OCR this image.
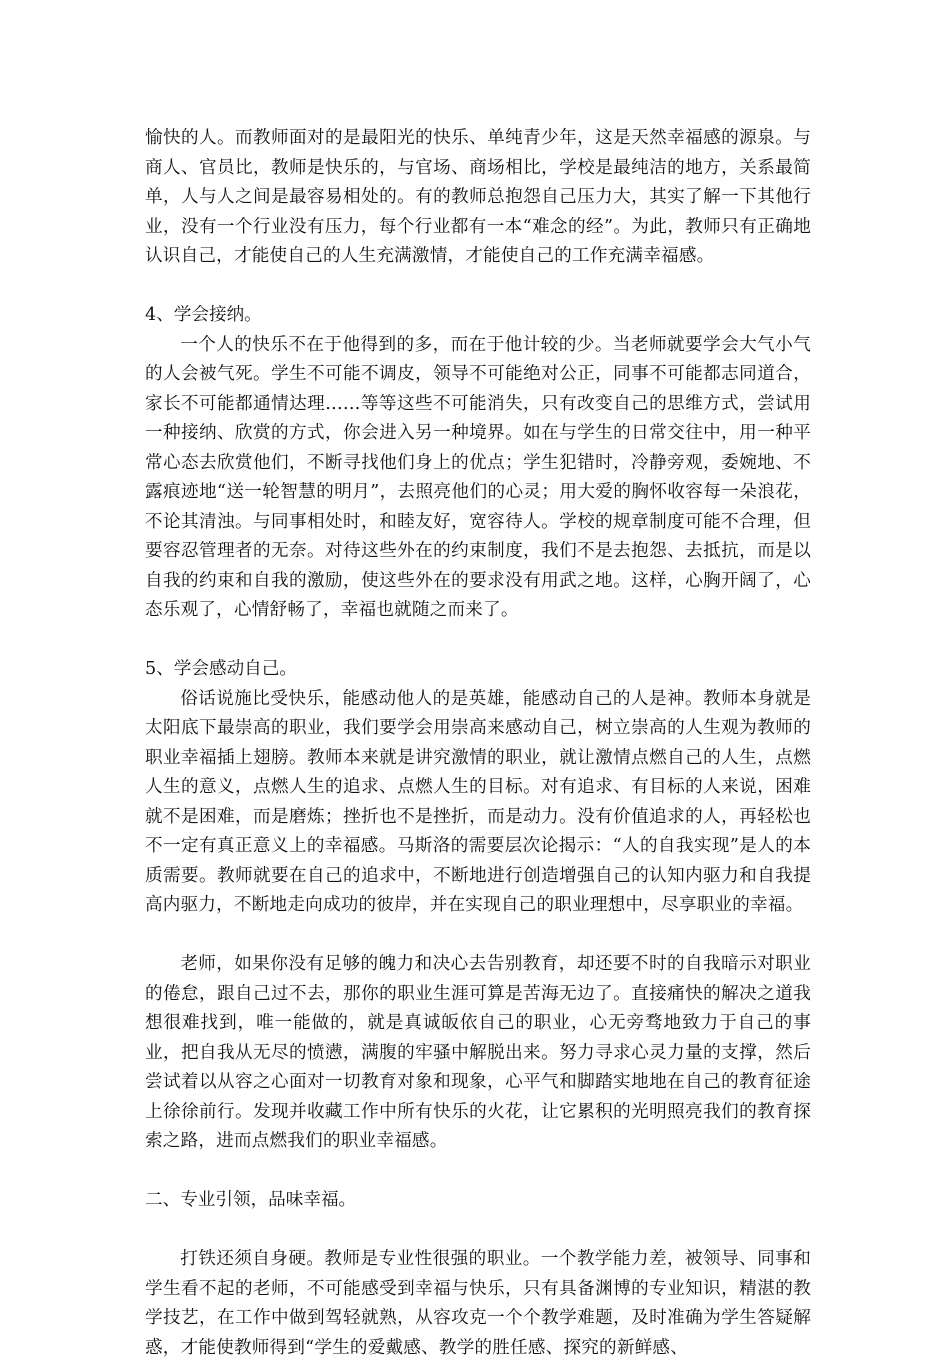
愉快的人。而教师面对的是最阳光的快乐、单纯青少年，这是天然幸福感的源泉。与商人、官员比，教师是快乐的，与官场、商场相比，学校是最纯洁的地方，关系最简单，人与人之间是最容易相处的。有的教师总抱怨自己压力大，其实了解一下其他行业，没有一个行业没有压力，每个行业都有一本“难念的经”。为此，教师只有正确地认识自己，才能使自己的人生充满激情，才能使自己的工作充满幸福感。

4、学会接纳。

一个人的快乐不在于他得到的多，而在于他计较的少。当老师就要学会大气小气的人会被气死。学生不可能不调皮，领导不可能绝对公正，同事不可能都志同道合，家长不可能都通情达理……等等这些不可能消失，只有改变自己的思维方式，尝试用一种接纳、欣赏的方式，你会进入另一种境界。如在与学生的日常交往中，用一种平常心态去欣赏他们，不断寻找他们身上的优点；学生犯错时，冷静旁观，委婉地、不露痕迹地“送一轮智慧的明月”，去照亮他们的心灵；用大爱的胸怀收容每一朵浪花，不论其清浊。与同事相处时，和睦友好，宽容待人。学校的规章制度可能不合理，但要容忍管理者的无奈。对待这些外在的约束制度，我们不是去抱怨、去抵抗，而是以自我的约束和自我的激励，使这些外在的要求没有用武之地。这样，心胸开阔了，心态乐观了，心情舒畅了，幸福也就随之而来了。

5、学会感动自己。

俗话说施比受快乐，能感动他人的是英雄，能感动自己的人是神。教师本身就是太阳底下最崇高的职业，我们要学会用崇高来感动自己，树立崇高的人生观为教师的职业幸福插上翅膀。教师本来就是讲究激情的职业，就让激情点燃自己的人生，点燃人生的意义，点燃人生的追求、点燃人生的目标。对有追求、有目标的人来说，困难就不是困难，而是磨炼；挫折也不是挫折，而是动力。没有价值追求的人，再轻松也不一定有真正意义上的幸福感。马斯洛的需要层次论揭示：“人的自我实现”是人的本质需要。教师就要在自己的追求中，不断地进行创造增强自己的认知内驱力和自我提高内驱力，不断地走向成功的彼岸，并在实现自己的职业理想中，尽享职业的幸福。

老师，如果你没有足够的魄力和决心去告别教育，却还要不时的自我暗示对职业的倦怠，跟自己过不去，那你的职业生涯可算是苦海无边了。直接痛快的解决之道我想很难找到，唯一能做的，就是真诚皈依自己的职业，心无旁骛地致力于自己的事业，把自我从无尽的愤懑，满腹的牢骚中解脱出来。努力寻求心灵力量的支撑，然后尝试着以从容之心面对一切教育对象和现象，心平气和脚踏实地地在自己的教育征途上徐徐前行。发现并收藏工作中所有快乐的火花，让它累积的光明照亮我们的教育探索之路，进而点燃我们的职业幸福感。

二、专业引领，品味幸福。

打铁还须自身硬。教师是专业性很强的职业。一个教学能力差，被领导、同事和学生看不起的老师，不可能感受到幸福与快乐，只有具备渊博的专业知识，精湛的教学技艺，在工作中做到驾轻就熟，从容攻克一个个教学难题，及时准确为学生答疑解惑，才能使教师得到“学生的爱戴感、教学的胜任感、探究的新鲜感、
